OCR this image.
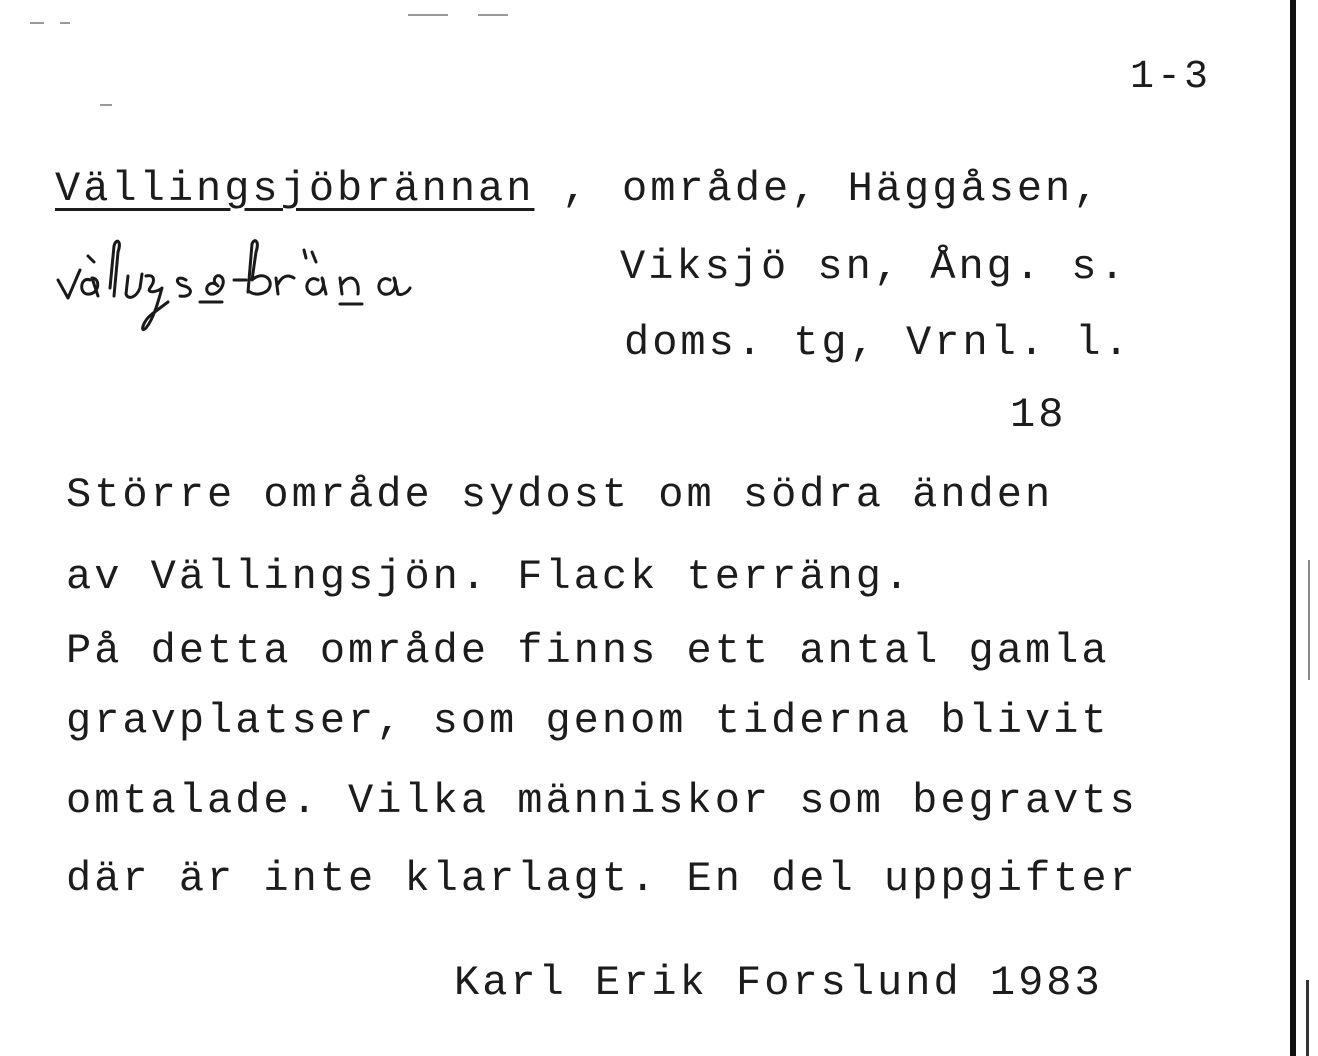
1-3
Vällingsjöbrännan , område, Häggåsen,
Viksjö sn, Ång. s.
doms. tg, Vrnl. l.
18
Större område sydost om södra änden
av Vällingsjön. Flack terräng.
På detta område finns ett antal gamla
gravplatser, som genom tiderna blivit
omtalade. Vilka människor som begravts
där är inte klarlagt. En del uppgifter
Karl Erik Forslund 1983
